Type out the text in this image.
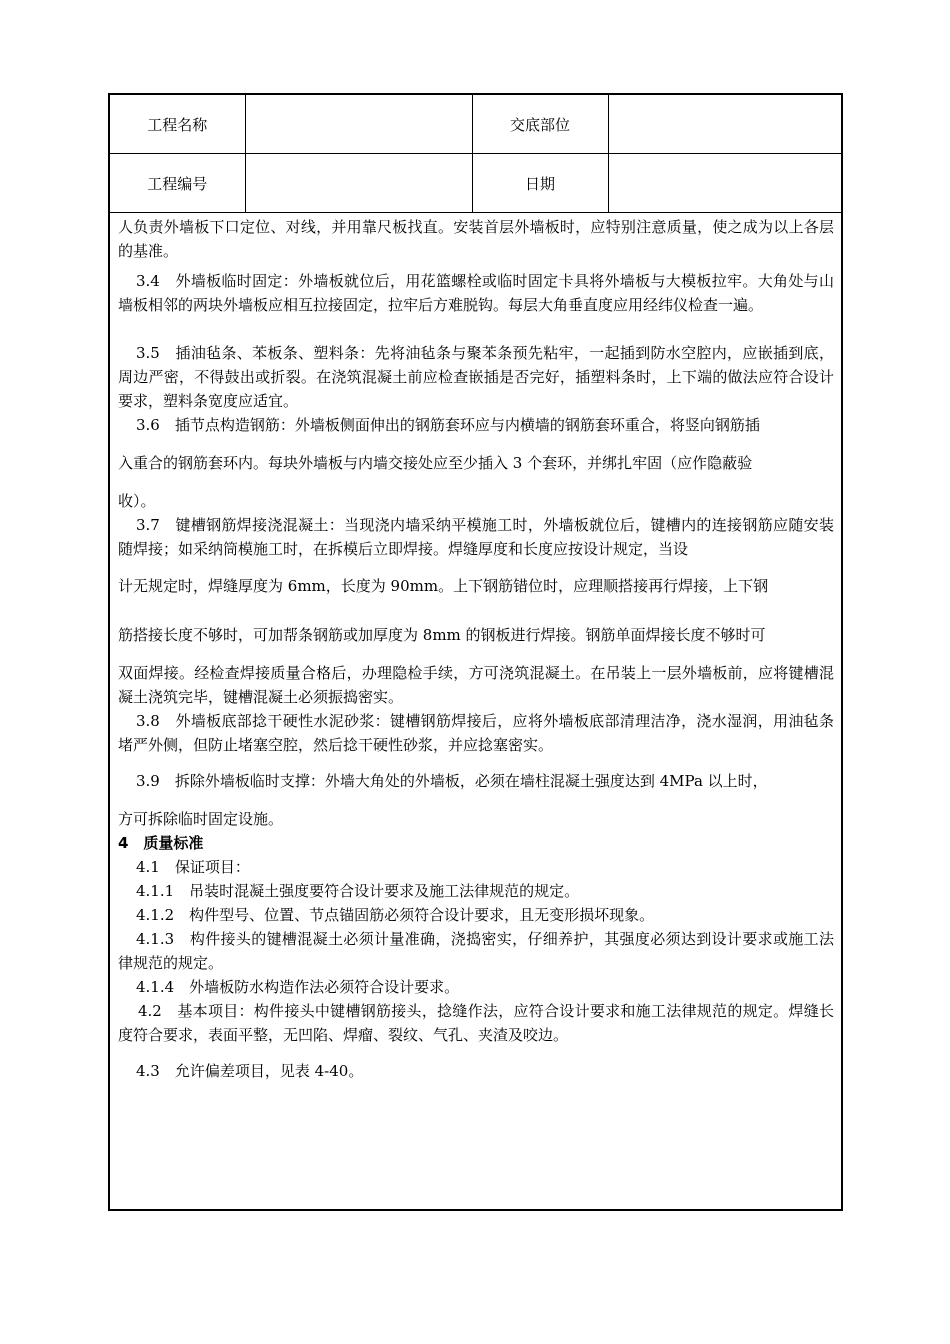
工程名称		交底部位	
工程编号		日期	
人负责外墙板下口定位、对线，并用靠尺板找直。安装首层外墙板时，应特别注意质量，使之成为以上各层的基准。
3.4　外墙板临时固定：外墙板就位后，用花篮螺栓或临时固定卡具将外墙板与大模板拉牢。大角处与山墙板相邻的两块外墙板应相互拉接固定，拉牢后方难脱钩。每层大角垂直度应用经纬仪检查一遍。
3.5　插油毡条、苯板条、塑料条：先将油毡条与聚苯条预先粘牢，一起插到防水空腔内，应嵌插到底，周边严密，不得鼓出或折裂。在浇筑混凝土前应检查嵌插是否完好，插塑料条时，上下端的做法应符合设计要求，塑料条宽度应适宜。
3.6　插节点构造钢筋：外墙板侧面伸出的钢筋套环应与内横墙的钢筋套环重合，将竖向钢筋插
入重合的钢筋套环内。每块外墙板与内墙交接处应至少插入 3 个套环，并绑扎牢固（应作隐蔽验
收）。
3.7　键槽钢筋焊接浇混凝土：当现浇内墙采纳平模施工时，外墙板就位后，键槽内的连接钢筋应随安装随焊接；如采纳筒模施工时，在拆模后立即焊接。焊缝厚度和长度应按设计规定，当设
计无规定时，焊缝厚度为 6mm，长度为 90mm。上下钢筋错位时，应理顺搭接再行焊接，上下钢
筋搭接长度不够时，可加帮条钢筋或加厚度为 8mm 的钢板进行焊接。钢筋单面焊接长度不够时可
双面焊接。经检查焊接质量合格后，办理隐检手续，方可浇筑混凝土。在吊装上一层外墙板前，应将键槽混凝土浇筑完毕，键槽混凝土必须振捣密实。
3.8　外墙板底部捻干硬性水泥砂浆：键槽钢筋焊接后，应将外墙板底部清理洁净，浇水湿润，用油毡条堵严外侧，但防止堵塞空腔，然后捻干硬性砂浆，并应捻塞密实。
3.9　拆除外墙板临时支撑：外墙大角处的外墙板，必须在墙柱混凝土强度达到 4MPa 以上时，
方可拆除临时固定设施。
4　质量标准
4.1　保证项目：
4.1.1　吊装时混凝土强度要符合设计要求及施工法律规范的规定。
4.1.2　构件型号、位置、节点锚固筋必须符合设计要求，且无变形损坏现象。
4.1.3　构件接头的键槽混凝土必须计量准确，浇捣密实，仔细养护，其强度必须达到设计要求或施工法律规范的规定。
4.1.4　外墙板防水构造作法必须符合设计要求。
4.2　基本项目：构件接头中键槽钢筋接头，捻缝作法，应符合设计要求和施工法律规范的规定。焊缝长度符合要求，表面平整，无凹陷、焊瘤、裂纹、气孔、夹渣及咬边。
4.3　允许偏差项目，见表 4-40。
